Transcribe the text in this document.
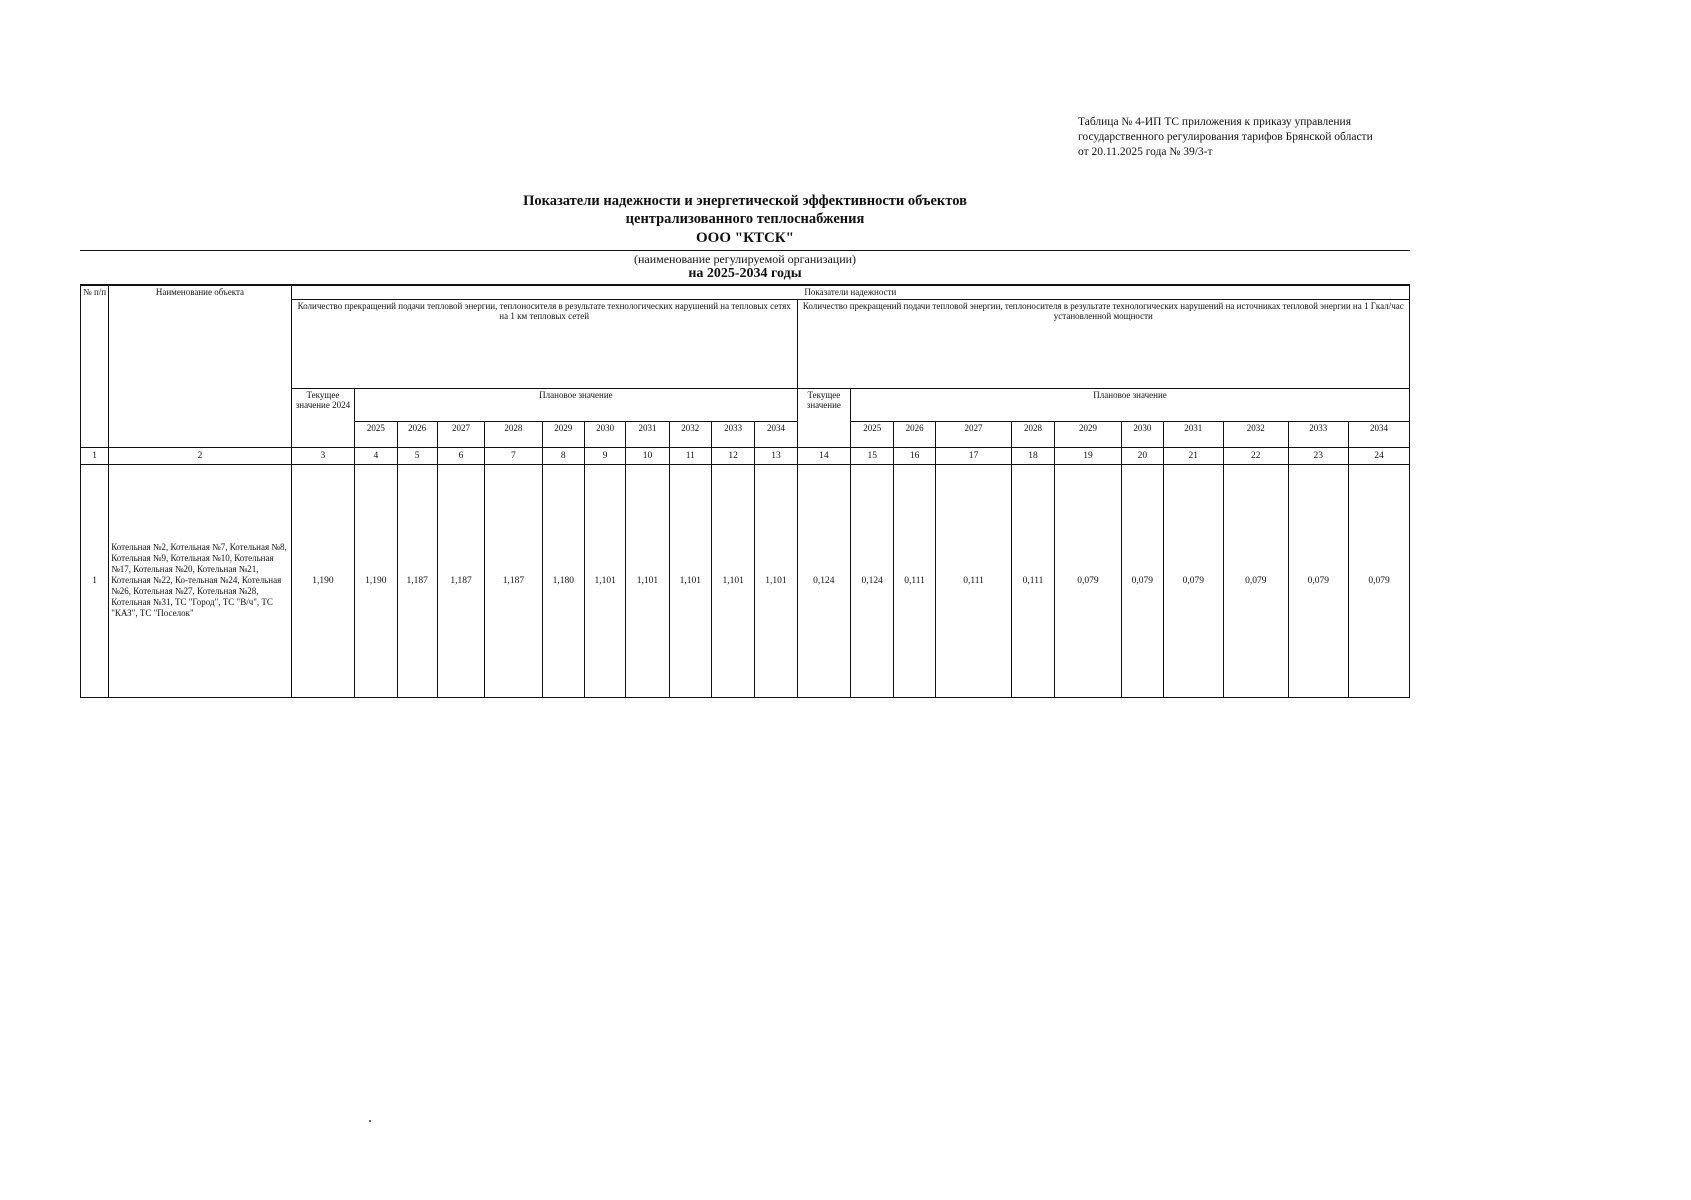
Таблица № 4-ИП ТС приложения к приказу управления
государственного регулирования тарифов Брянской области
от 20.11.2025 года № 39/3-т
Показатели надежности и энергетической эффективности объектов
централизованного теплоснабжения
ООО "КТСК"
(наименование регулируемой организации)
на 2025-2034 годы
№ п/п	Наименование объекта	Показатели надежности																					
		Количество прекращений подачи тепловой энергии, теплоносителя в результате технологических нарушений на тепловых сетях на 1 км тепловых сетей											Количество прекращений подачи тепловой энергии, теплоносителя в результате технологических нарушений на источниках тепловой энергии на 1 Гкал/час установленной мощности										
		Текущее значение 2024	Плановое значение										Текущее значение	Плановое значение									
			2025	2026	2027	2028	2029	2030	2031	2032	2033	2034		2025	2026	2027	2028	2029	2030	2031	2032	2033	2034
1	2	3	4	5	6	7	8	9	10	11	12	13	14	15	16	17	18	19	20	21	22	23	24
1	Котельная №2, Котельная №7, Котельная №8, Котельная №9, Котельная №10, Котельная №17, Котельная №20, Котельная №21, Котельная №22, Ко-тельная №24, Котельная №26, Котельная №27, Котельная №28, Котельная №31, ТС "Город", ТС "В/ч", ТС "КАЗ", ТС "Поселок"	1,190	1,190	1,187	1,187	1,187	1,180	1,101	1,101	1,101	1,101	1,101	0,124	0,124	0,111	0,111	0,111	0,079	0,079	0,079	0,079	0,079	0,079
